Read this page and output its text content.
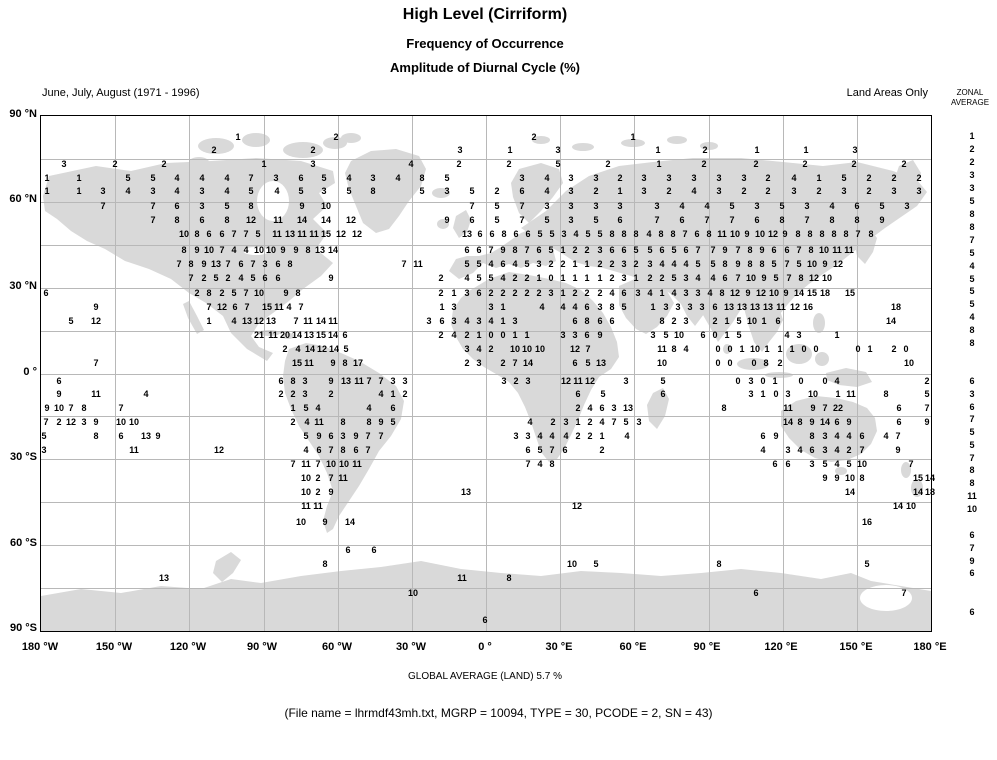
High Level (Cirriform)
Frequency of Occurrence
Amplitude of Diurnal Cycle (%)
June, July, August (1971 - 1996)	Land Areas Only	ZONAL
AVERAGE
1	2	2	1
2	2	3	1	3	1	2	1	1	3
3	2	2	1	3	4	2	2	5	2	1	2	2	2	2	2
1	1	5 5 4 4 4 7 3 6 5 4 3 4 8 5	3 4 3 3 2 3 3 3 3 3 2 4 1 5 2 2 2
1	1 3 4 3 4 3 4 5 4 5 3 5 8	5 3 5 2 6 4 3 2 1 3 2 4 3 2 2 3 2 3 2 3 3
7	7 6 3 5 8	9 10	7 5 7 3 3 3 3	3 4 4 5 3 5 3 4 6 5 3
7 8 6 8 12 11 14 14 12	9 6 5 7 5 3 5 6	7 6 7 7 6 8 7 8 8 9
10 8 6 6 7 7 5 11 13 11 11 15 12 12	13 6 6 8 6 6 5 5 3 4 5 5 8 8 8 4 8 8 7 6 8 11 10 9 10 12 9 8 8 8 8 8 7 8
8 9 10 7 4 4 10 10 9 9 8 13 14	6 6 7 9 8 7 6 5 1 2 2 3 6 6 5 5 6 5 6 7 7 9 7 8 9 6 6 7 8 10 11 11
7 8 9 13 7 6 7 3 6 8	7 11	5 5 4 6 4 5 3 2 2 1 1 2 2 3 2 3 4 4 4 5 5 8 9 8 8 5 7 5 10 9 12
7 2 5 2 4 5 6 6	9	2 4 5 5 4 2 2 1 0 1 1 1 1 2 3 1 2 2 5 3 4 4 6 7 10 9 5 7 8 12 10
6	2 8 2 5 7 10 9 8	2 1 3 6 2 2 2 2 2 3 1 2 2 2 4 6 3 4 1 4 3 3 4 8 12 9 12 10 9 14 15 18 15
9	7 12 6 7 15 11 4 7	1 3	3 1	4 4 4 6 3 8 5	1 3 3 3 3 6 13 13 13 13 11 12 16	18
5 12	1 4 13 12 13 7 11 14 11	3 6 3 4 3 4 1 3	6 8 6 6	8 2 3	2 1 5 10 1 6	14
21 11 20 14 13 15 14 6	2 4 2 1 0 0 1 1	3 3 6 9	3 5 10 6 0 1 5	4 3	1
2 4 14 12 14 5	3 4 2 10 10 10	12 7	11 8 4	0 0 1 10 1 1 1 0 0	0 1 2 0
7	15 11 9 8 17	2 3 2 7 14	6 5 13	10	0 0 0 8 2	10
6	6 8 3 9 13 11 7 7 3 3	3 2 3	12 11 12	3	5	0 3 0 1 0 0 4	2
9	11	4	2 2 3 2	4 1 2	6 5	6	3 1 0 3 10 1 11	8	5
9 10 7 8	7	1 5 4	4 6	2 4 6 3 13	8	11 9 7 22	6	7
7 2 12 3 9 10 10	2 4 11 8 8 9 5	4 2 3 1 2 4 7 5 3	14 8 9 14 6 9	6	9
5	8 6 13 9	5 9 6 3 9 7 7	3 3 4 4 4 2 2 1 4	6 9	8 3 4 4 6 4 7
3	11	12	4 6 7 8 6 7	6 5 7 6	2	4 3 4 6 3 4 2 7	9
7 11 7 10 10 11	7 4 8	6 6 3 5 4 5 10	7
10 2 7 11	9 9 10 8	15 14
10 2 9	13	14	14 18
11 11	12	14 10
10 9 14	16
6 6
8	10 5	8	5
13	11	8
10	6	7
6
90 °N
60 °N
30 °N
0 °
30 °S
60 °S
90 °S
180 °W	150 °W	120 °W	90 °W	60 °W	30 °W	0 °	30 °E	60 °E	90 °E	120 °E	150 °E	180 °E
1
2
2
3
3
5
8
8
7
5
4
5
5
5
4
8
8
6
3
6
7
5
5
7
8
8
11
10
6
7
9
6
6
GLOBAL AVERAGE (LAND) 5.7 %
(File name = lhrmdf43mh.txt, MGRP = 10094, TYPE = 30, PCODE = 2, SN = 43)
